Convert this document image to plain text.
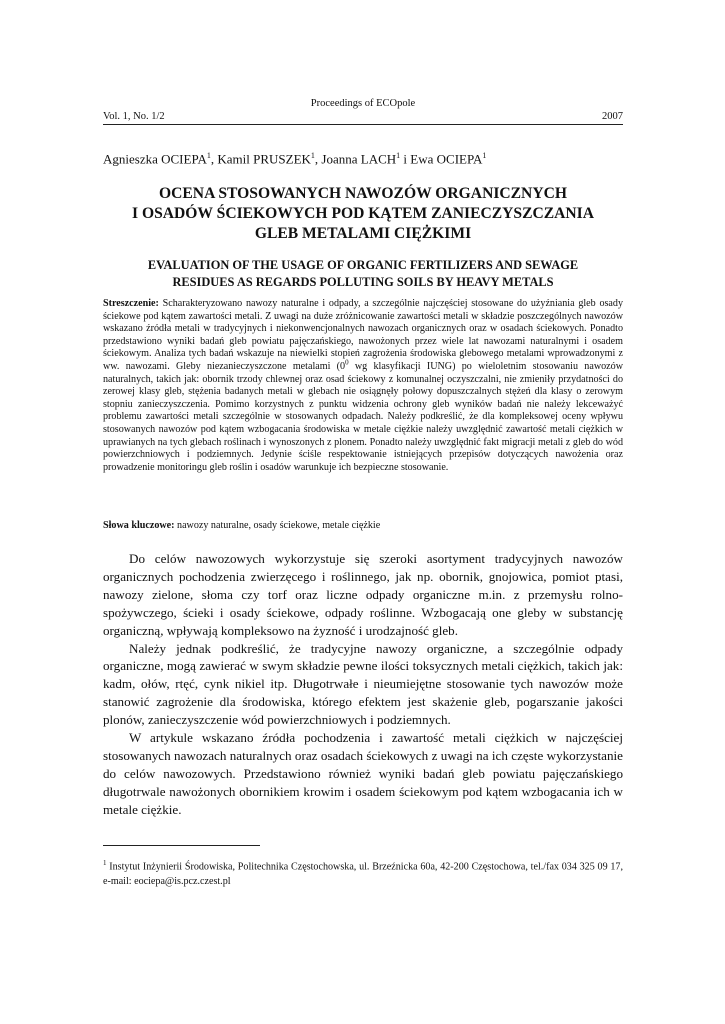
Proceedings of ECOpole
Vol. 1, No. 1/2	2007
Agnieszka OCIEPA$^1$, Kamil PRUSZEK$^1$, Joanna LACH$^1$ i Ewa OCIEPA$^1$
OCENA STOSOWANYCH NAWOZÓW ORGANICZNYCH
I OSADÓW ŚCIEKOWYCH POD KĄTEM ZANIECZYSZCZANIA
GLEB METALAMI CIĘŻKIMI
EVALUATION OF THE USAGE OF ORGANIC FERTILIZERS AND SEWAGE
RESIDUES AS REGARDS POLLUTING SOILS BY HEAVY METALS
Streszczenie: Scharakteryzowano nawozy naturalne i odpady, a szczególnie najczęściej stosowane do użyźniania gleb osady ściekowe pod kątem zawartości metali. Z uwagi na duże zróżnicowanie zawartości metali w składzie poszczególnych nawozów wskazano źródła metali w tradycyjnych i niekonwencjonalnych nawozach organicznych oraz w osadach ściekowych. Ponadto przedstawiono wyniki badań gleb powiatu pajęczańskiego, nawożonych przez wiele lat nawozami naturalnymi i osadem ściekowym. Analiza tych badań wskazuje na niewielki stopień zagrożenia środowiska glebowego metalami wprowadzonymi z ww. nawozami. Gleby niezanieczyszczone metalami ($0^0$ wg klasyfikacji IUNG) po wieloletnim stosowaniu nawozów naturalnych, takich jak: obornik trzody chlewnej oraz osad ściekowy z komunalnej oczyszczalni, nie zmieniły przydatności do zerowej klasy gleb, stężenia badanych metali w glebach nie osiągnęły połowy dopuszczalnych stężeń dla klasy o zerowym stopniu zanieczyszczenia. Pomimo korzystnych z punktu widzenia ochrony gleb wyników badań nie należy lekceważyć problemu zawartości metali szczególnie w stosowanych odpadach. Należy podkreślić, że dla kompleksowej oceny wpływu stosowanych nawozów pod kątem wzbogacania środowiska w metale ciężkie należy uwzględnić zawartość metali ciężkich w uprawianych na tych glebach roślinach i wynoszonych z plonem. Ponadto należy uwzględnić fakt migracji metali z gleb do wód powierzchniowych i podziemnych. Jedynie ściśle respektowanie istniejących przepisów dotyczących nawożenia oraz prowadzenie monitoringu gleb roślin i osadów warunkuje ich bezpieczne stosowanie.
Słowa kluczowe: nawozy naturalne, osady ściekowe, metale ciężkie

Do celów nawozowych wykorzystuje się szeroki asortyment tradycyjnych nawozów organicznych pochodzenia zwierzęcego i roślinnego, jak np. obornik, gnojowica, pomiot ptasi, nawozy zielone, słoma czy torf oraz liczne odpady organiczne m.in. z przemysłu rolno-spożywczego, ścieki i osady ściekowe, odpady roślinne. Wzbogacają one gleby w substancję organiczną, wpływają kompleksowo na żyzność i urodzajność gleb.

Należy jednak podkreślić, że tradycyjne nawozy organiczne, a szczególnie odpady organiczne, mogą zawierać w swym składzie pewne ilości toksycznych metali ciężkich, takich jak: kadm, ołów, rtęć, cynk nikiel itp. Długotrwałe i nieumiejętne stosowanie tych nawozów może stanowić zagrożenie dla środowiska, którego efektem jest skażenie gleb, pogarszanie jakości plonów, zanieczyszczenie wód powierzchniowych i podziemnych.

W artykule wskazano źródła pochodzenia i zawartość metali ciężkich w najczęściej stosowanych nawozach naturalnych oraz osadach ściekowych z uwagi na ich częste wykorzystanie do celów nawozowych. Przedstawiono również wyniki badań gleb powiatu pajęczańskiego długotrwale nawożonych obornikiem krowim i osadem ściekowym pod kątem wzbogacania ich w metale ciężkie.

$^1$ Instytut Inżynierii Środowiska, Politechnika Częstochowska, ul. Brzeźnicka 60a, 42-200 Częstochowa, tel./fax 034 325 09 17, e-mail: eociepa@is.pcz.czest.pl
